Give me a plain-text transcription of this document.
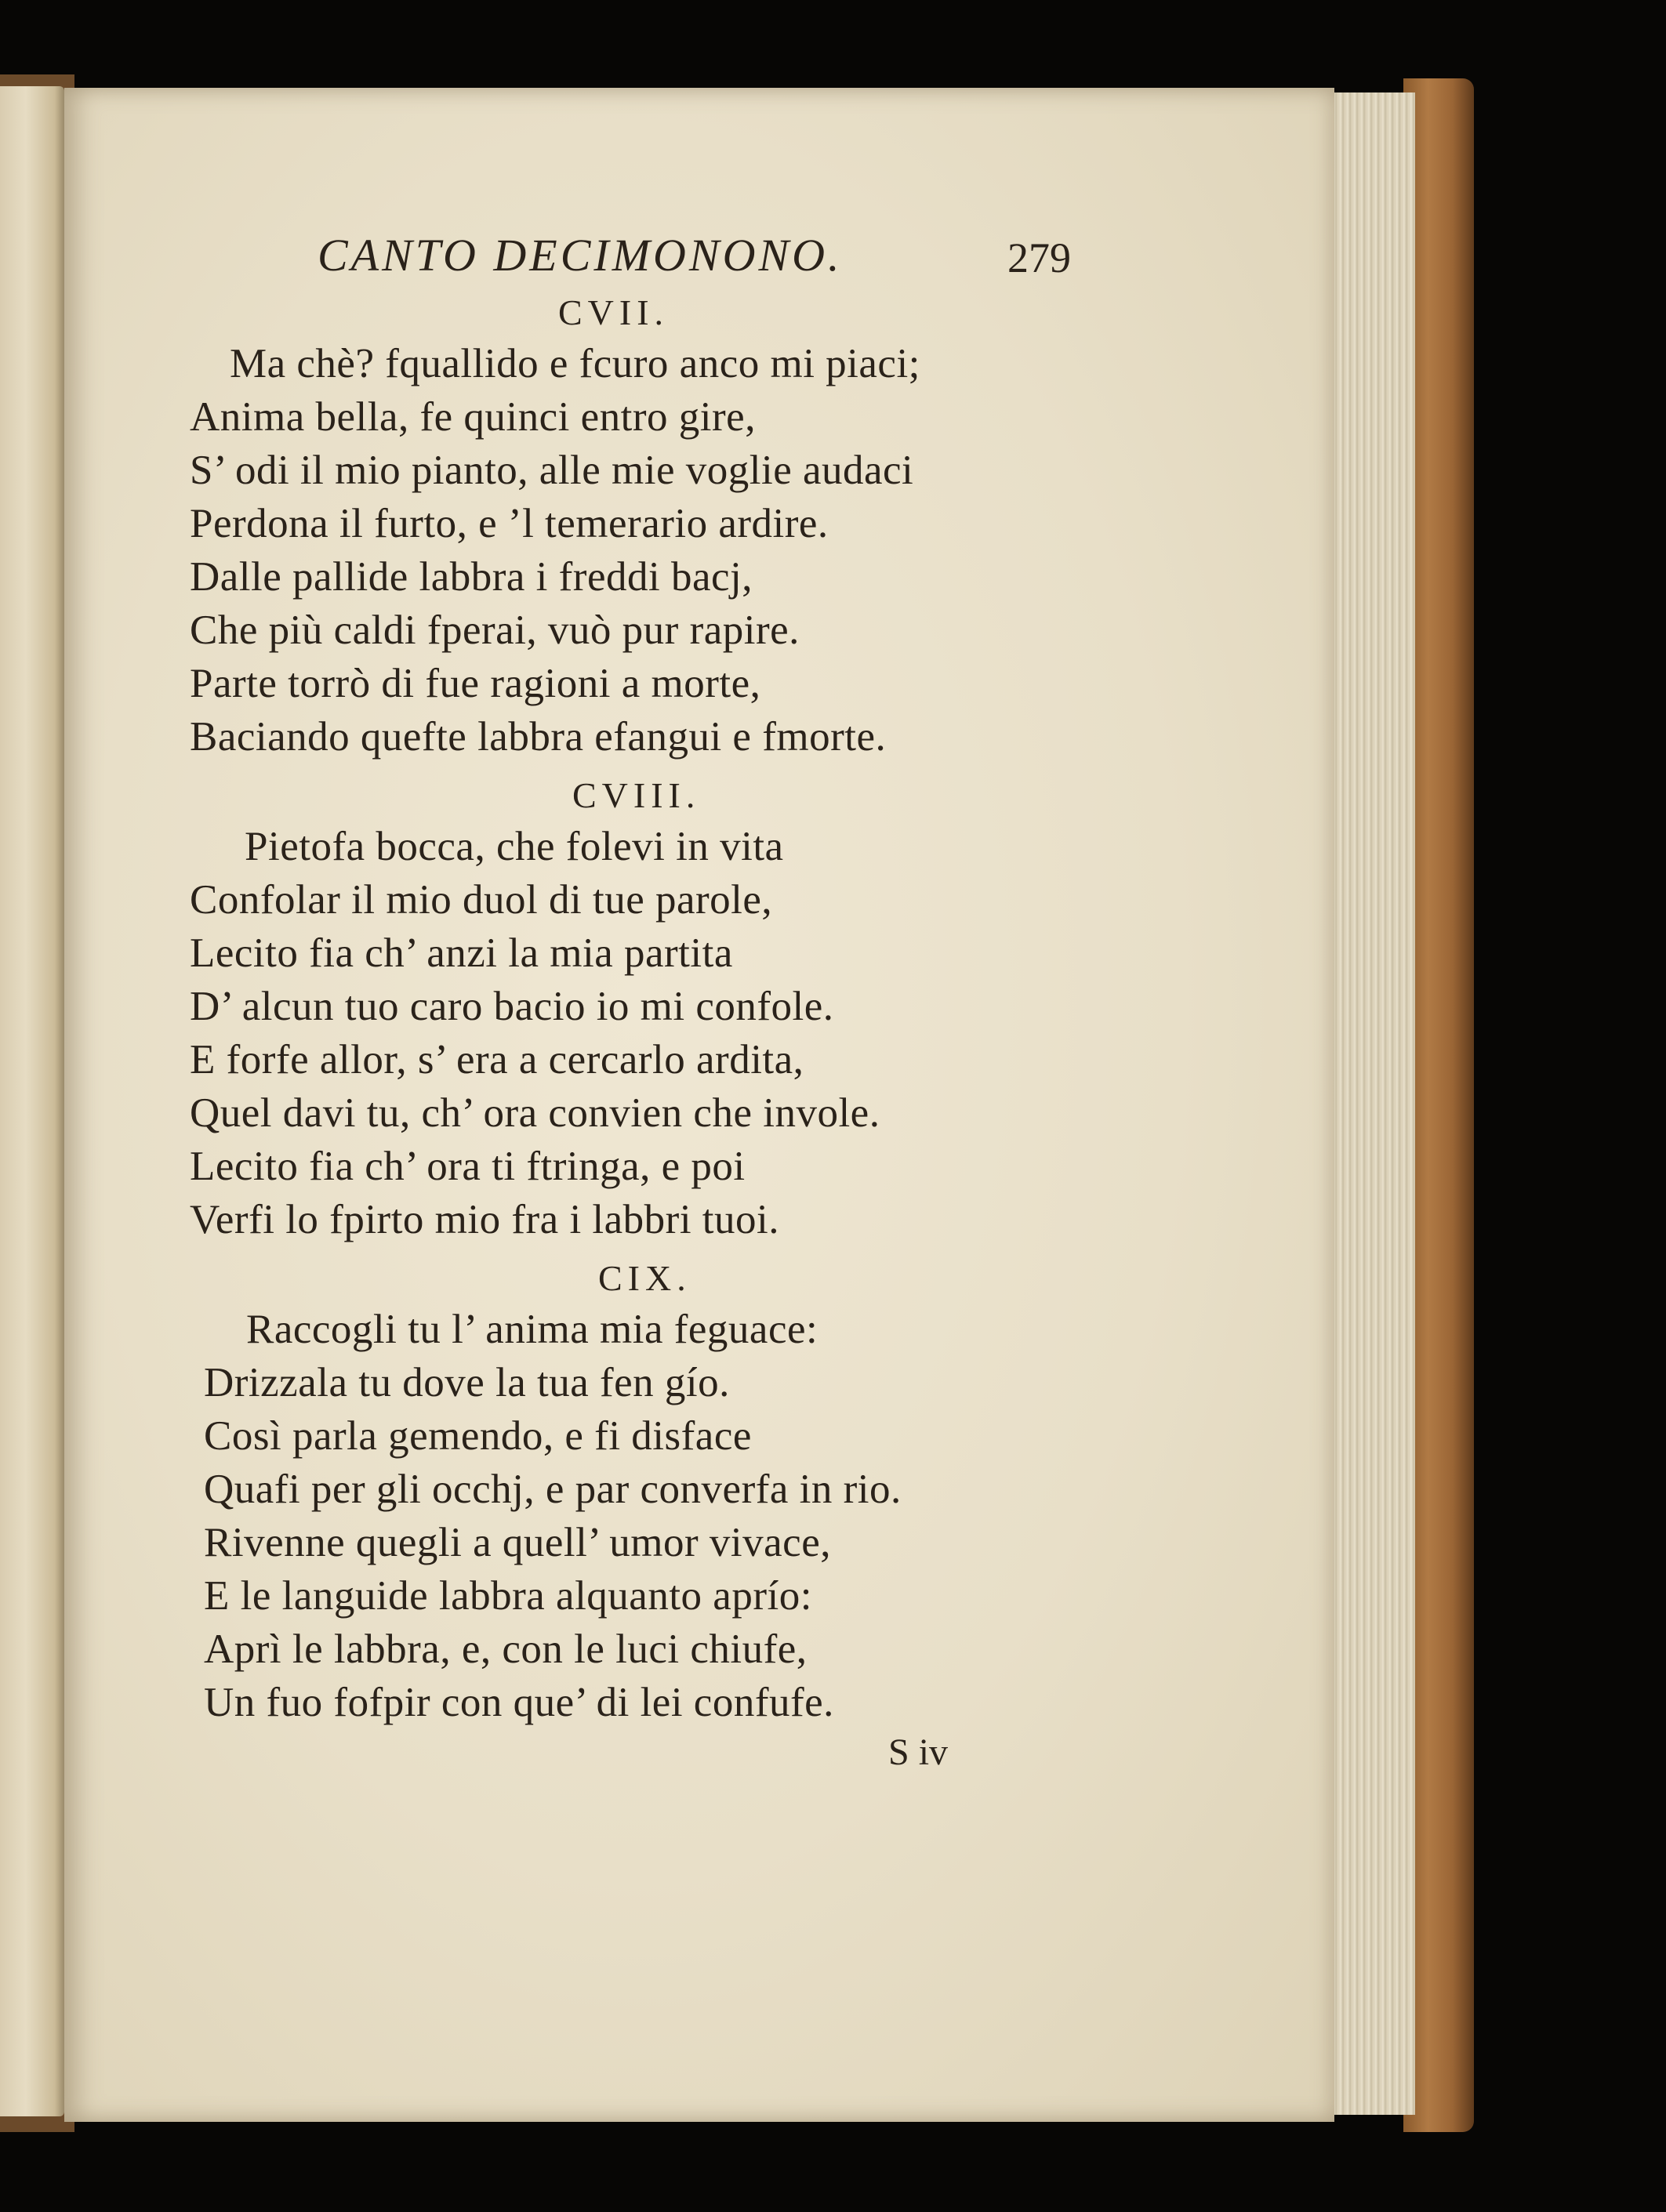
CANTO DECIMONONO.	279
CVII.
Ma chè? fquallido e fcuro anco mi piaci;
Anima bella, fe quinci entro gire,
S’ odi il mio pianto, alle mie voglie audaci
Perdona il furto, e ’l temerario ardire.
Dalle pallide labbra i freddi bacj,
Che più caldi fperai, vuò pur rapire.
Parte torrò di fue ragioni a morte,
Baciando quefte labbra efangui e fmorte.
CVIII.
Pietofa bocca, che folevi in vita
Confolar il mio duol di tue parole,
Lecito fia ch’ anzi la mia partita
D’ alcun tuo caro bacio io mi confole.
E forfe allor, s’ era a cercarlo ardita,
Quel davi tu, ch’ ora convien che invole.
Lecito fia ch’ ora ti ftringa, e poi
Verfi lo fpirto mio fra i labbri tuoi.
CIX.
Raccogli tu l’ anima mia feguace:
Drizzala tu dove la tua fen gío.
Così parla gemendo, e fi disface
Quafi per gli occhj, e par converfa in rio.
Rivenne quegli a quell’ umor vivace,
E le languide labbra alquanto aprío:
Aprì le labbra, e, con le luci chiufe,
Un fuo fofpir con que’ di lei confufe.
S iv
